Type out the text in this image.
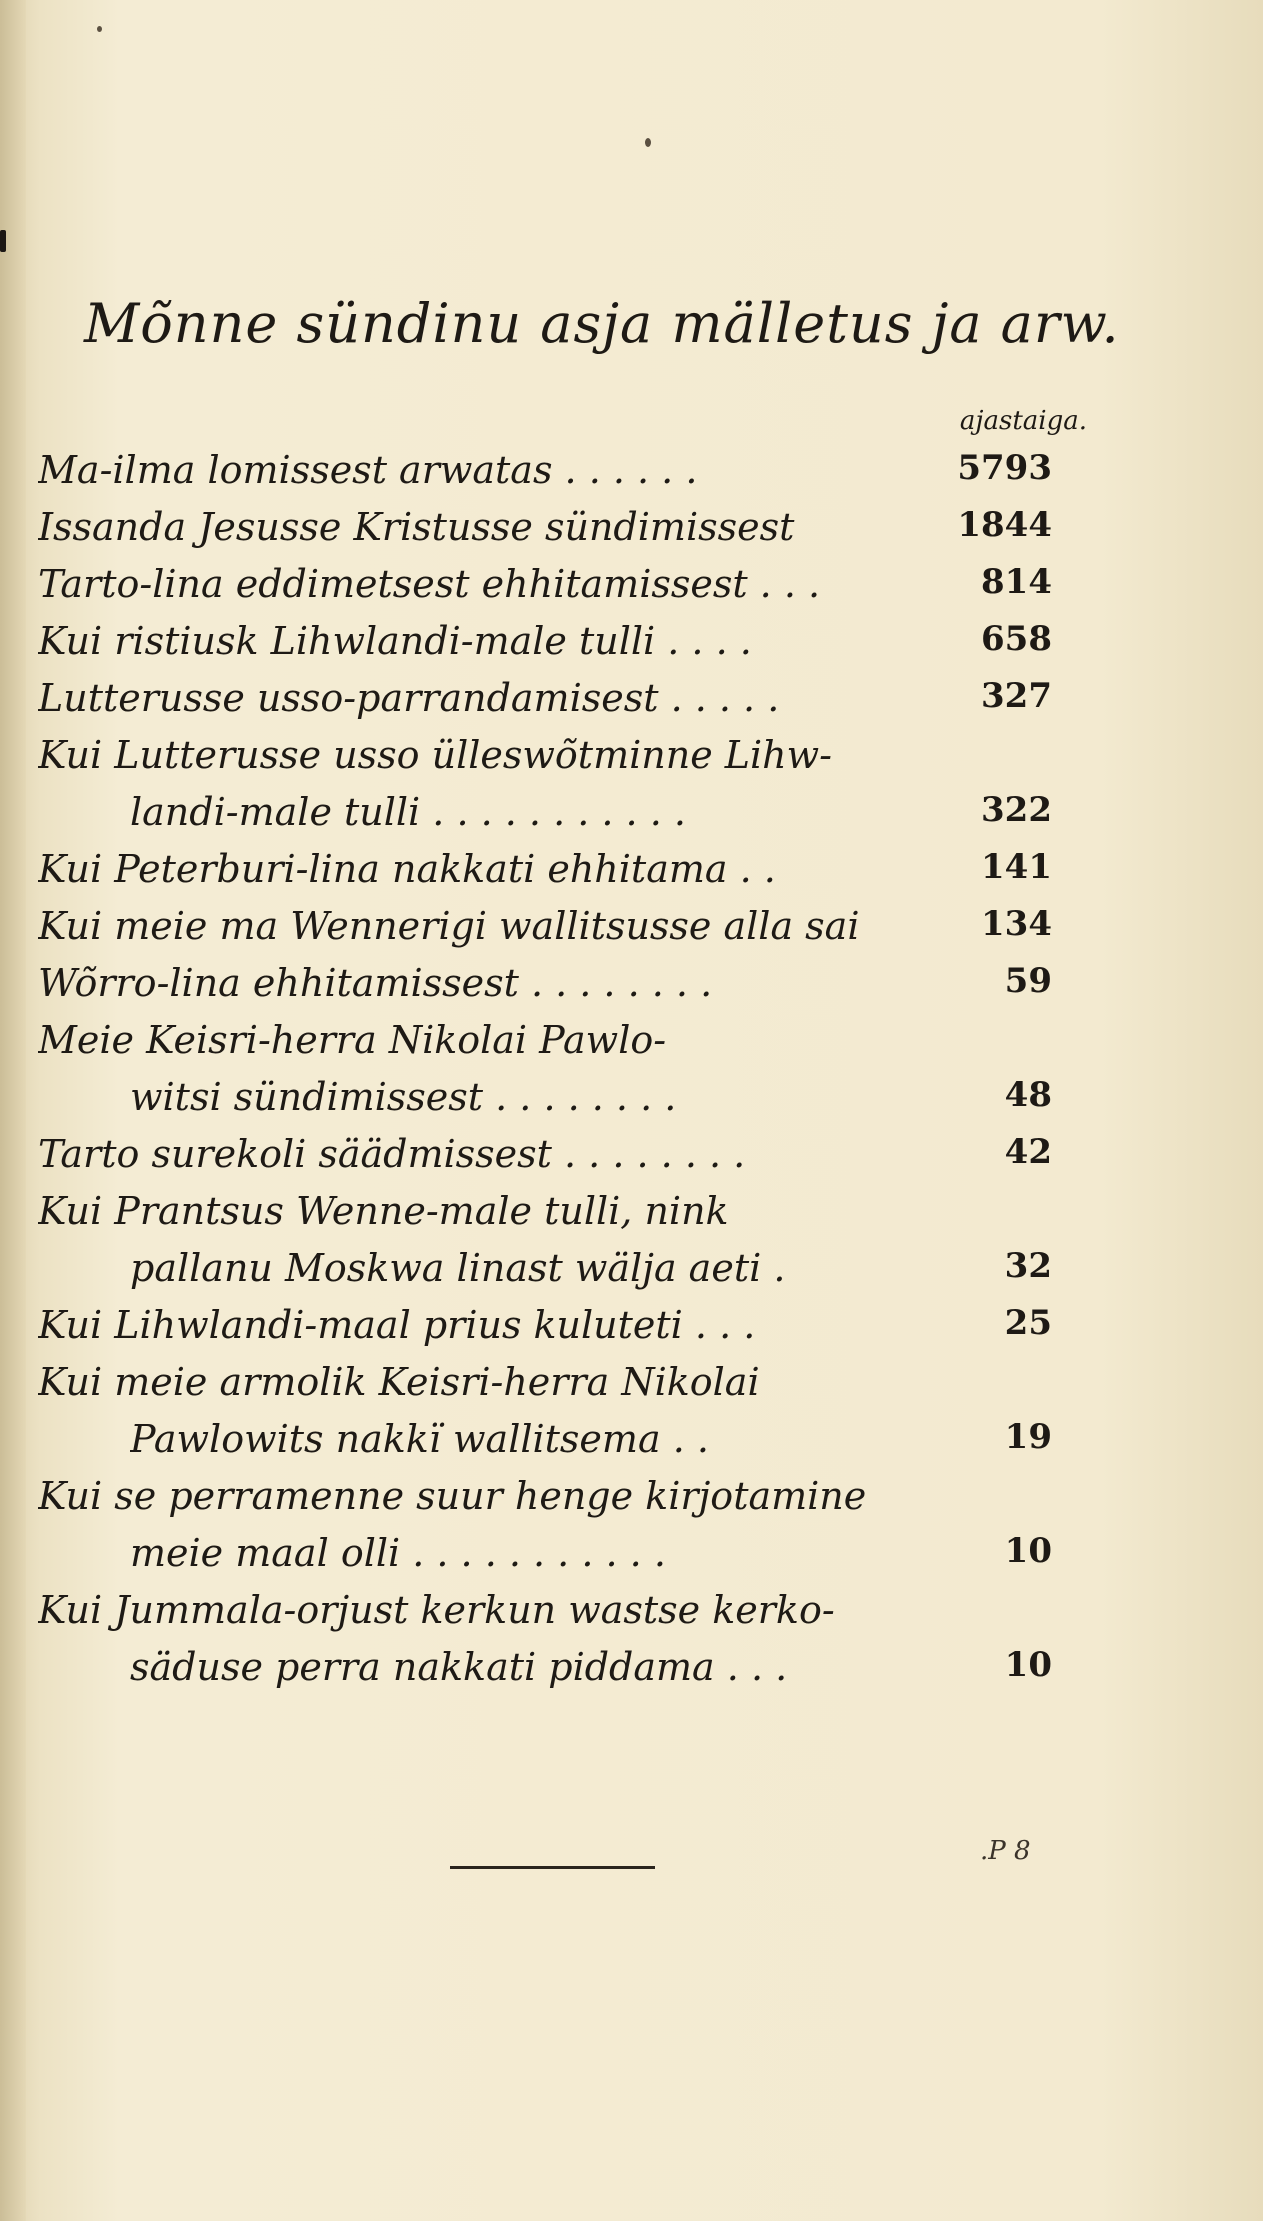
Mõnne sündinu asja mälletus ja arw.
ajastaiga.
Ma-ilma lomissest arwatas . . . . . .	5793
Issanda Jesusse Kristusse sündimissest	1844
Tarto-lina eddimetsest ehhitamissest . . .	814
Kui ristiusk Lihwlandi-male tulli . . . .	658
Lutterusse usso-parrandamisest . . . . .	327
Kui Lutterusse usso ülleswõtminne Lihw-
landi-male tulli . . . . . . . . . . .	322
Kui Peterburi-lina nakkati ehhitama . .	141
Kui meie ma Wennerigi wallitsusse alla sai	134
Wõrro-lina ehhitamissest . . . . . . . .	59
Meie Keisri-herra Nikolai Pawlo-
witsi sündimissest . . . . . . . .	48
Tarto surekoli säädmissest . . . . . . . .	42
Kui Prantsus Wenne-male tulli, nink
pallanu Moskwa linast wälja aeti .	32
Kui Lihwlandi-maal prius kuluteti . . .	25
Kui meie armolik Keisri-herra Nikolai
Pawlowits nakkï wallitsema . .	19
Kui se perramenne suur henge kirjotamine
meie maal olli . . . . . . . . . . .	10
Kui Jummala-orjust kerkun wastse kerko-
säduse perra nakkati piddama . . .	10
.P 8
